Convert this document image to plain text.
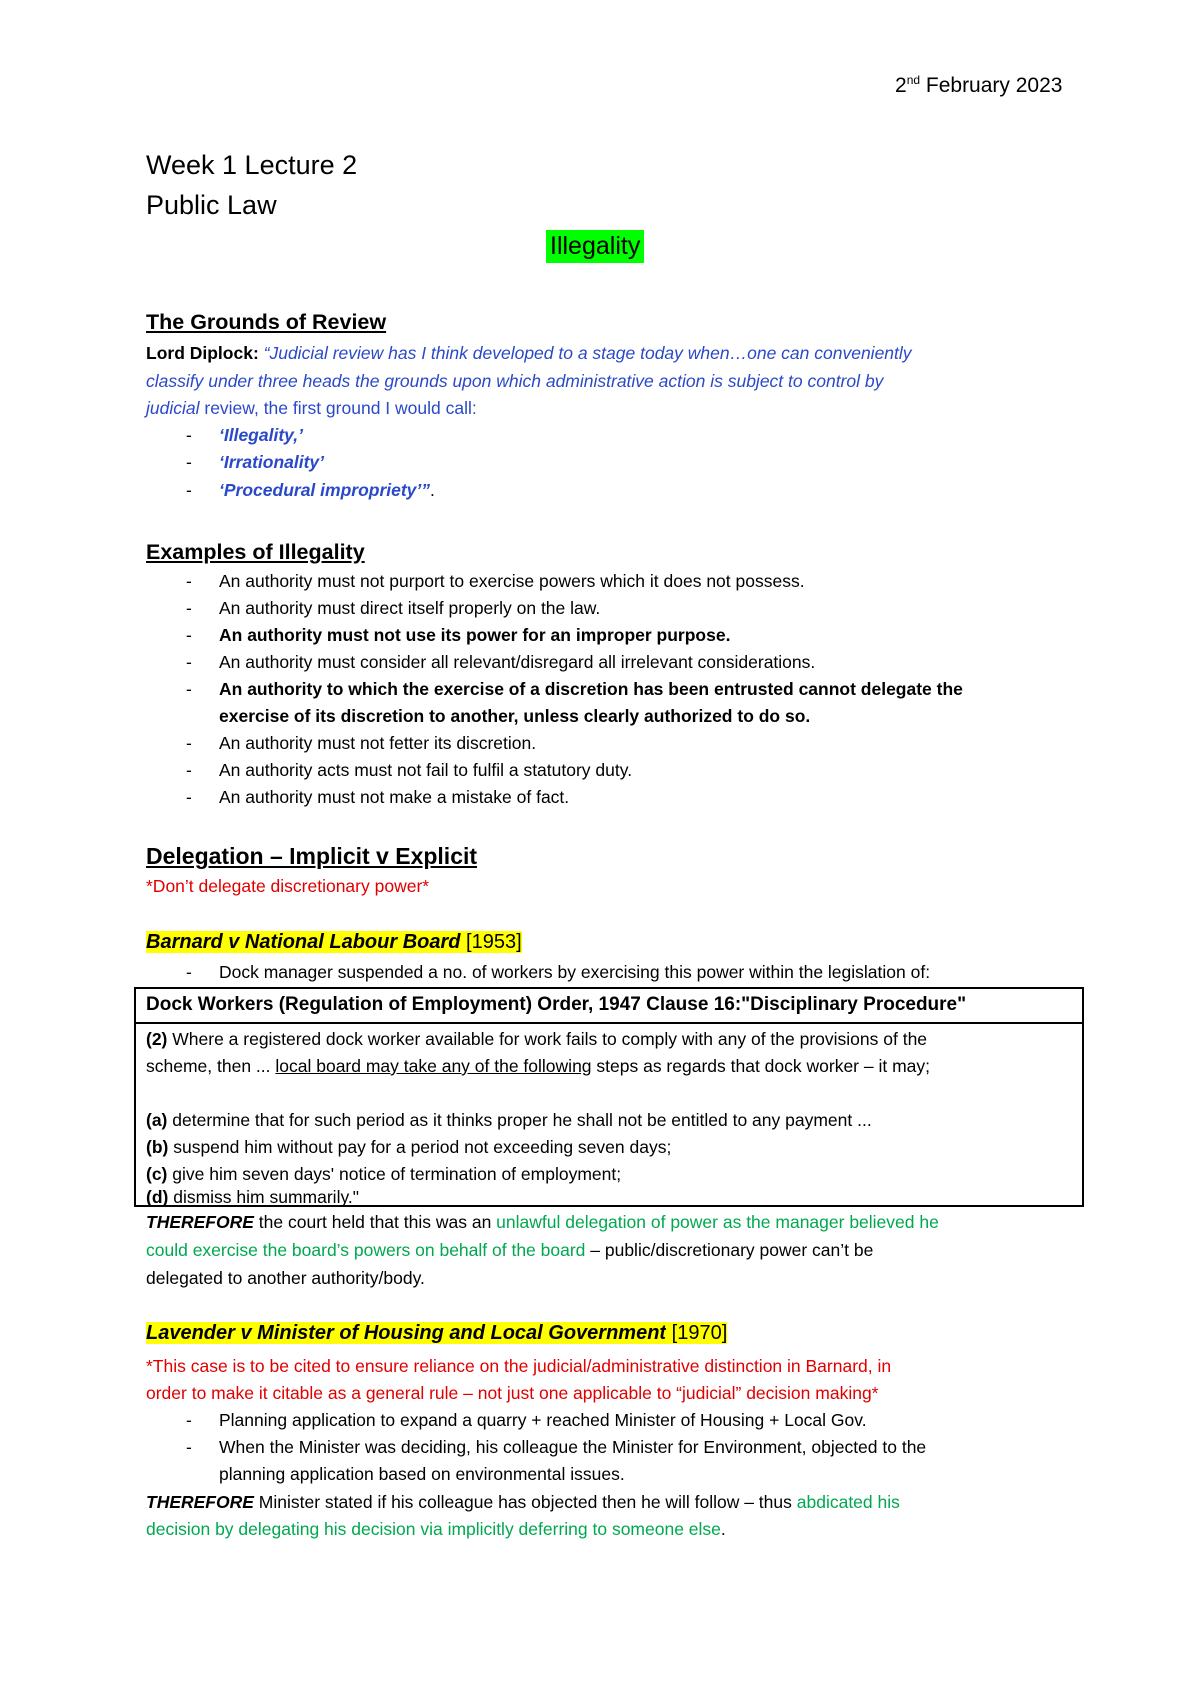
2nd February 2023
Week 1 Lecture 2
Public Law
Illegality
The Grounds of Review
Lord Diplock: “Judicial review has I think developed to a stage today when…one can conveniently
classify under three heads the grounds upon which administrative action is subject to control by
judicial review, the first ground I would call:
- ‘Illegality,’
- ‘Irrationality’
- ‘Procedural impropriety’”.
Examples of Illegality
- An authority must not purport to exercise powers which it does not possess.
- An authority must direct itself properly on the law.
- An authority must not use its power for an improper purpose.
- An authority must consider all relevant/disregard all irrelevant considerations.
- An authority to which the exercise of a discretion has been entrusted cannot delegate the
exercise of its discretion to another, unless clearly authorized to do so.
- An authority must not fetter its discretion.
- An authority acts must not fail to fulfil a statutory duty.
- An authority must not make a mistake of fact.
Delegation – Implicit v Explicit
*Don’t delegate discretionary power*
Barnard v National Labour Board [1953]
- Dock manager suspended a no. of workers by exercising this power within the legislation of:
Dock Workers (Regulation of Employment) Order, 1947 Clause 16:"Disciplinary Procedure"
(2) Where a registered dock worker available for work fails to comply with any of the provisions of the
scheme, then ... local board may take any of the following steps as regards that dock worker – it may;
(a) determine that for such period as it thinks proper he shall not be entitled to any payment ...
(b) suspend him without pay for a period not exceeding seven days;
(c) give him seven days' notice of termination of employment;
(d) dismiss him summarily."
THEREFORE the court held that this was an unlawful delegation of power as the manager believed he
could exercise the board’s powers on behalf of the board – public/discretionary power can’t be
delegated to another authority/body.
Lavender v Minister of Housing and Local Government [1970]
*This case is to be cited to ensure reliance on the judicial/administrative distinction in Barnard, in
order to make it citable as a general rule – not just one applicable to “judicial” decision making*
- Planning application to expand a quarry + reached Minister of Housing + Local Gov.
- When the Minister was deciding, his colleague the Minister for Environment, objected to the
planning application based on environmental issues.
THEREFORE Minister stated if his colleague has objected then he will follow – thus abdicated his
decision by delegating his decision via implicitly deferring to someone else.
